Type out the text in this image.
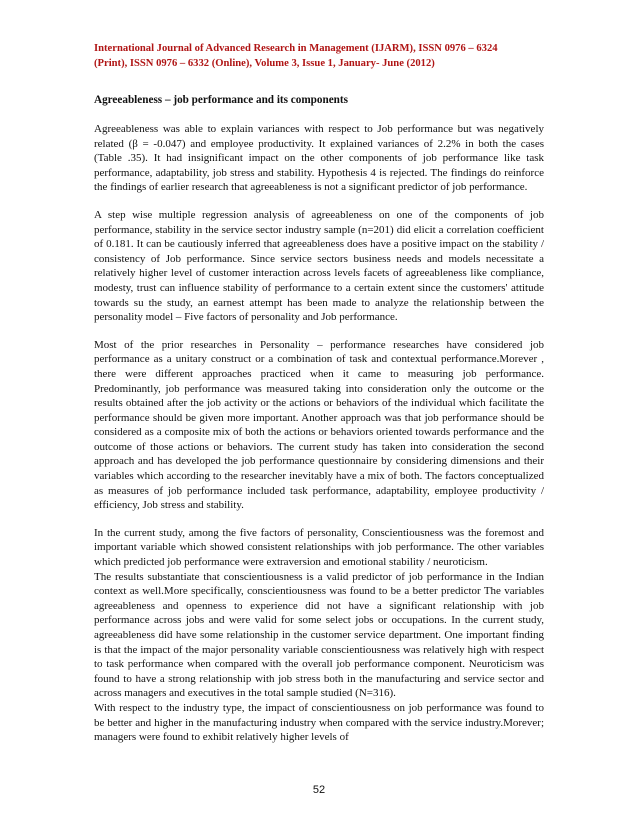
International Journal of Advanced Research in Management (IJARM), ISSN 0976 – 6324
(Print), ISSN 0976 – 6332 (Online), Volume 3, Issue 1, January- June (2012)
Agreeableness – job performance and its components

Agreeableness was able to explain variances with respect to Job performance but was negatively related (β = -0.047) and employee productivity. It explained variances of 2.2% in both the cases (Table .35). It had insignificant impact on the other components of job performance like task performance, adaptability, job stress and stability. Hypothesis 4 is rejected. The findings do reinforce the findings of earlier research that agreeableness is not a significant predictor of job performance.

A step wise multiple regression analysis of agreeableness on one of the components of job performance, stability in the service sector industry sample (n=201) did elicit a correlation coefficient of 0.181. It can be cautiously inferred that agreeableness does have a positive impact on the stability / consistency of Job performance. Since service sectors business needs and models necessitate a relatively higher level of customer interaction across levels facets of agreeableness like compliance, modesty, trust can influence stability of performance to a certain extent since the customers' attitude towards su the study, an earnest attempt has been made to analyze the relationship between the personality model – Five factors of personality and Job performance.

Most of the prior researches in Personality – performance researches have considered job performance as a unitary construct or a combination of task and contextual performance.Morever , there were different approaches practiced when it came to measuring job performance. Predominantly, job performance was measured taking into consideration only the outcome or the results obtained after the job activity or the actions or behaviors of the individual which facilitate the performance should be given more important. Another approach was that job performance should be considered as a composite mix of both the actions or behaviors oriented towards performance and the outcome of those actions or behaviors. The current study has taken into consideration the second approach and has developed the job performance questionnaire by considering dimensions and their variables which according to the researcher inevitably have a mix of both. The factors conceptualized as measures of job performance included task performance, adaptability, employee productivity / efficiency, Job stress and stability.

In the current study, among the five factors of personality, Conscientiousness was the foremost and important variable which showed consistent relationships with job performance. The other variables which predicted job performance were extraversion and emotional stability / neuroticism.

The results substantiate that conscientiousness is a valid predictor of job performance in the Indian context as well.More specifically, conscientiousness was found to be a better predictor The variables agreeableness and openness to experience did not have a significant relationship with job performance across jobs and were valid for some select jobs or occupations. In the current study, agreeableness did have some relationship in the customer service department. One important finding is that the impact of the major personality variable conscientiousness was relatively high with respect to task performance when compared with the overall job performance component. Neuroticism was found to have a strong relationship with job stress both in the manufacturing and service sector and across managers and executives in the total sample studied (N=316).

With respect to the industry type, the impact of conscientiousness on job performance was found to be better and higher in the manufacturing industry when compared with the service industry.Morever; managers were found to exhibit relatively higher levels of

52
